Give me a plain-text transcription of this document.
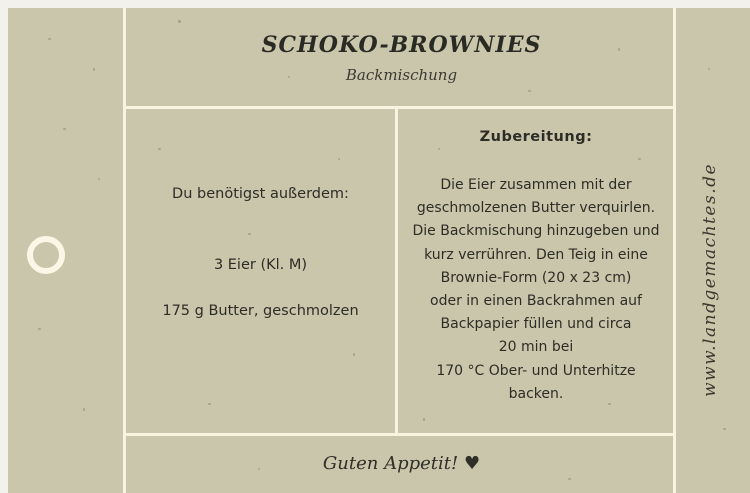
SCHOKO-BROWNIES
Backmischung
Du benötigst außerdem:
3 Eier (Kl. M)
175 g Butter, geschmolzen
Zubereitung:
Die Eier zusammen mit der
geschmolzenen Butter verquirlen.
Die Backmischung hinzugeben und
kurz verrühren. Den Teig in eine
Brownie-Form (20 x 23 cm)
oder in einen Backrahmen auf
Backpapier füllen und circa
20 min bei
170 °C Ober- und Unterhitze
backen.
Guten Appetit! ♥
www.landgemachtes.de
